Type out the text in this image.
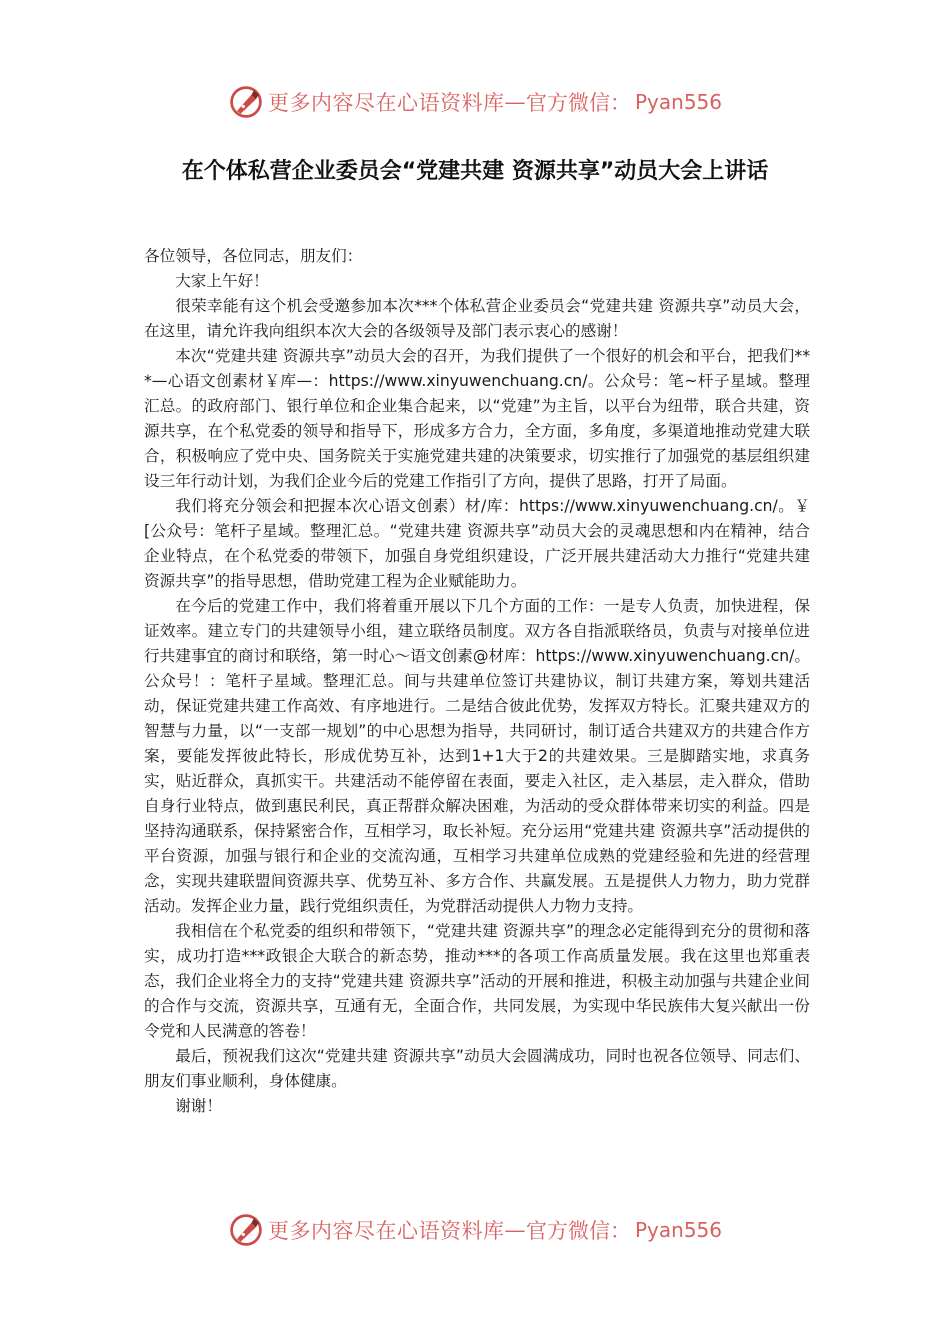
更多内容尽在心语资料库 — 官方微信： Pyan556
在个体私营企业委员会“党建共建 资源共享”动员大会上讲话

各位领导，各位同志，朋友们：

大家上午好！

很荣幸能有这个机会受邀参加本次***个体私营企业委员会“党建共建 资源共享”动员大会，在这里，请允许我向组织本次大会的各级领导及部门表示衷心的感谢！

本次“党建共建 资源共享”动员大会的召开，为我们提供了一个很好的机会和平台，把我们***—心语文创素材￥库—：https://www.xinyuwenchuang.cn/。公众号：笔~杆子星域。整理汇总。的政府部门、银行单位和企业集合起来，以“党建”为主旨，以平台为纽带，联合共建，资源共享，在个私党委的领导和指导下，形成多方合力，全方面，多角度，多渠道地推动党建大联合，积极响应了党中央、国务院关于实施党建共建的决策要求，切实推行了加强党的基层组织建设三年行动计划，为我们企业今后的党建工作指引了方向，提供了思路，打开了局面。

我们将充分领会和把握本次心语文创素）材/库：https://www.xinyuwenchuang.cn/。￥[公众号：笔杆子星域。整理汇总。“党建共建 资源共享”动员大会的灵魂思想和内在精神，结合企业特点，在个私党委的带领下，加强自身党组织建设，广泛开展共建活动大力推行“党建共建 资源共享”的指导思想，借助党建工程为企业赋能助力。

在今后的党建工作中，我们将着重开展以下几个方面的工作：一是专人负责，加快进程，保证效率。建立专门的共建领导小组，建立联络员制度。双方各自指派联络员，负责与对接单位进行共建事宜的商讨和联络，第一时心～语文创素@材库：https://www.xinyuwenchuang.cn/。公众号！：笔杆子星域。整理汇总。间与共建单位签订共建协议，制订共建方案，筹划共建活动，保证党建共建工作高效、有序地进行。二是结合彼此优势，发挥双方特长。汇聚共建双方的智慧与力量，以“一支部一规划”的中心思想为指导，共同研讨，制订适合共建双方的共建合作方案，要能发挥彼此特长，形成优势互补，达到1+1大于2的共建效果。三是脚踏实地，求真务实，贴近群众，真抓实干。共建活动不能停留在表面，要走入社区，走入基层，走入群众，借助自身行业特点，做到惠民利民，真正帮群众解决困难，为活动的受众群体带来切实的利益。四是坚持沟通联系，保持紧密合作，互相学习，取长补短。充分运用“党建共建 资源共享”活动提供的平台资源，加强与银行和企业的交流沟通，互相学习共建单位成熟的党建经验和先进的经营理念，实现共建联盟间资源共享、优势互补、多方合作、共赢发展。五是提供人力物力，助力党群活动。发挥企业力量，践行党组织责任，为党群活动提供人力物力支持。

我相信在个私党委的组织和带领下，“党建共建 资源共享”的理念必定能得到充分的贯彻和落实，成功打造***政银企大联合的新态势，推动***的各项工作高质量发展。我在这里也郑重表态，我们企业将全力的支持“党建共建 资源共享”活动的开展和推进，积极主动加强与共建企业间的合作与交流，资源共享，互通有无，全面合作，共同发展，为实现中华民族伟大复兴献出一份令党和人民满意的答卷！

最后，预祝我们这次“党建共建 资源共享”动员大会圆满成功，同时也祝各位领导、同志们、朋友们事业顺利，身体健康。

谢谢！

更多内容尽在心语资料库 — 官方微信： Pyan556
